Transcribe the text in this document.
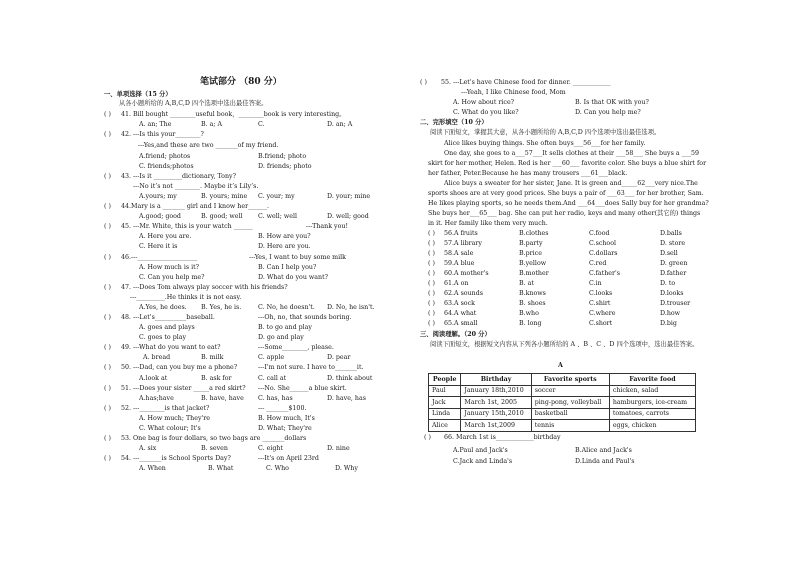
笔试部分 （80 分）
一、单项选择（15 分）
从各小题所给的 A,B,C,D 四个选项中选出最佳答案。
( ) 41. Bill bought ________useful book，________book is very interesting。
A. an; The	B. a; A	C.	D. an; A
( ) 42. ---Is this your________?
---Yes,and these are two _______of my friend.
A.friend; photos	B.friend; photo
C. friends;photos	D. friends; photo
( ) 43. ---Is it _________dictionary, Tony?
---No it’s not ________. Maybe it’s Lily’s.
A.yours; my	B. yours; mine C. your; my	D. your; mine
( ) 44.Mary is a _______ girl and I know her______.
A.good; good	B. good; well C. well; well	D. well; good
( ) 45. ---Mr. White, this is your watch ______	---Thank you!
A. Here you are.	B. How are you?
C. Here it is	D. Here are you.
( ) 46.---___________________	---Yes, I want to buy some milk
A. How much is it?	B. Can I help you?
C. Can you help me?	D. What do you want?
( ) 47. ---Does Tom always play soccer with his friends?
---_________.He thinks it is not easy.
A.Yes, he does. B. Yes, he is.	C. No, he doesn't. D. No, he isn't.
( ) 48. ---Let's__________baseball.	---Oh, no, that sounds boring.
A. goes and plays	B. to go and play
C. goes to play	D. go and play
( ) 49. ---What do you want to eat?	---Some________, please.
A. bread	B. milk	C. apple	D. pear
( ) 50. ---Dad, can you buy me a phone?	---I'm not sure. I have to_______it.
A.look at	B. ask for	C. call at	D. think about
( ) 51. ---Does your sister _____a red skirt? ---No. She______a blue skirt.
A.has;have	B. have, have C. has, has	D. have, has
( ) 52. ---________is that jacket?	--- _______$100.
A. How much; They're	B. How much, It's
C. What colour; It's	D. What; They're
( ) 53. One bag is four dollars, so two bags are _______dollars
A. six	B. seven	C. eight	D. nine
( ) 54. ---_______is School Sports Day?	---It's on April 23rd
A. When	B. What	C. Who	D. Why
( ) 55. ---Let's have Chinese food for dinner. ____________
---Yeah, I like Chinese food, Mom
A. How about rice?	B. Is that OK with you?
C. What do you like?	D. Can you help me?
二、完形填空（10 分）
阅读下面短文，掌握其大意，从各小题所给的 A,B,C,D 四个选项中选出最佳选项。
Alice likes buying things. She often buys___56___for her family.
One day, she goes to a___57___It sells clothes at their ___58___ She buys a ___59
skirt for her mother, Helen. Red is her ___60___ favorite color. She buys a blue shirt for
her father, Peter.Because he has many trousers ___61___black.
Alice buys a sweater for her sister, Jane. It is green and_____62___very nice.The
sports shoes are at very good prices. She buys a pair of ___63___ for her brother, Sam.
He likes playing sports, so he needs them.And ___64___does Sally buy for her grandma?
She buys her___65___ bag. She can put her radio, keys and many other(其它的) things
in it. Her family like them very much.
( ) 56.A fruits	B.clothes	C.food	D.balls
( ) 57.A library	B.party	C.school	D. store
( ) 58.A sale	B.price	C.dollars	D.sell
( ) 59.A blue	B.yellow	C.red	D. green
( ) 60.A mother's	B.mother	C.father's	D.father
( ) 61.A on	B. at	C.in	D. to
( ) 62.A sounds	B.knows	C.looks	D.looks
( ) 63.A sock	B. shoes	C.shirt	D.trouser
( ) 64.A what	B.who	C.where	D.how
( ) 65.A small	B. long	C.short	D.big
三、阅读理解。（20 分）
阅读下面短文，根据短文内容从下列各小题所给的 A 、B 、C 、D 四个选项中，选出最佳答案。
A
People	Birthday	Favorite sports	Favorite food
Paul	January 18th,2010	soccer	chicken, salad
Jack	March 1st, 2005	ping-pong, volleyball	hamburgers, ice-cream
Linda	January 15th,2010	basketball	tomatoes, carrots
Alice	March 1st,2009	tennis	eggs, chicken
( ) 66. March 1st is____________birthday
A.Paul and Jack's	B.Alice and Jack's
C.Jack and Linda's	D.Linda and Paul's
